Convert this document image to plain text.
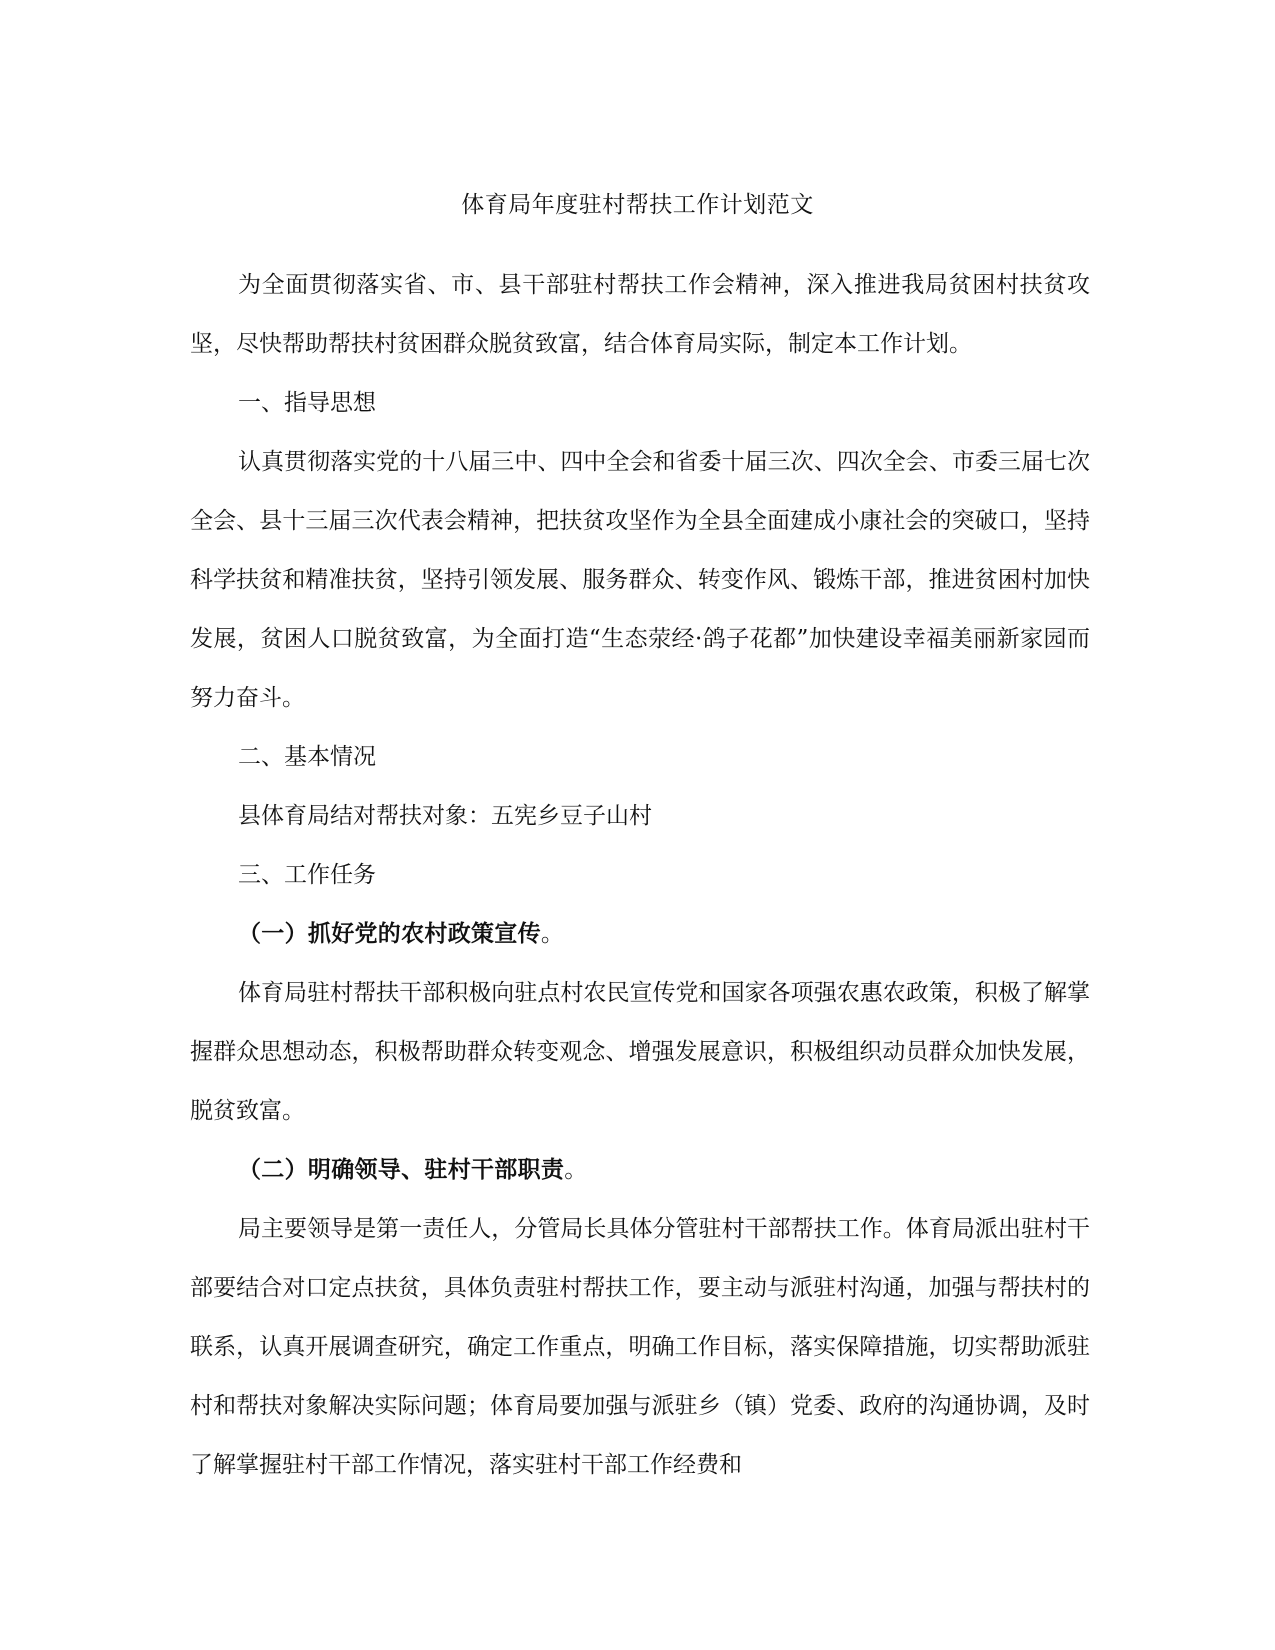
体育局年度驻村帮扶工作计划范文

为全面贯彻落实省、市、县干部驻村帮扶工作会精神，深入推进我局贫困村扶贫攻坚，尽快帮助帮扶村贫困群众脱贫致富，结合体育局实际，制定本工作计划。

一、指导思想

认真贯彻落实党的十八届三中、四中全会和省委十届三次、四次全会、市委三届七次全会、县十三届三次代表会精神，把扶贫攻坚作为全县全面建成小康社会的突破口，坚持科学扶贫和精准扶贫，坚持引领发展、服务群众、转变作风、锻炼干部，推进贫困村加快发展，贫困人口脱贫致富，为全面打造“生态荥经·鸽子花都”加快建设幸福美丽新家园而努力奋斗。

二、基本情况

县体育局结对帮扶对象：五宪乡豆子山村

三、工作任务

（一）抓好党的农村政策宣传。

体育局驻村帮扶干部积极向驻点村农民宣传党和国家各项强农惠农政策，积极了解掌握群众思想动态，积极帮助群众转变观念、增强发展意识，积极组织动员群众加快发展，脱贫致富。

（二）明确领导、驻村干部职责。

局主要领导是第一责任人，分管局长具体分管驻村干部帮扶工作。体育局派出驻村干部要结合对口定点扶贫，具体负责驻村帮扶工作，要主动与派驻村沟通，加强与帮扶村的联系，认真开展调查研究，确定工作重点，明确工作目标，落实保障措施，切实帮助派驻村和帮扶对象解决实际问题；体育局要加强与派驻乡（镇）党委、政府的沟通协调，及时了解掌握驻村干部工作情况，落实驻村干部工作经费和
